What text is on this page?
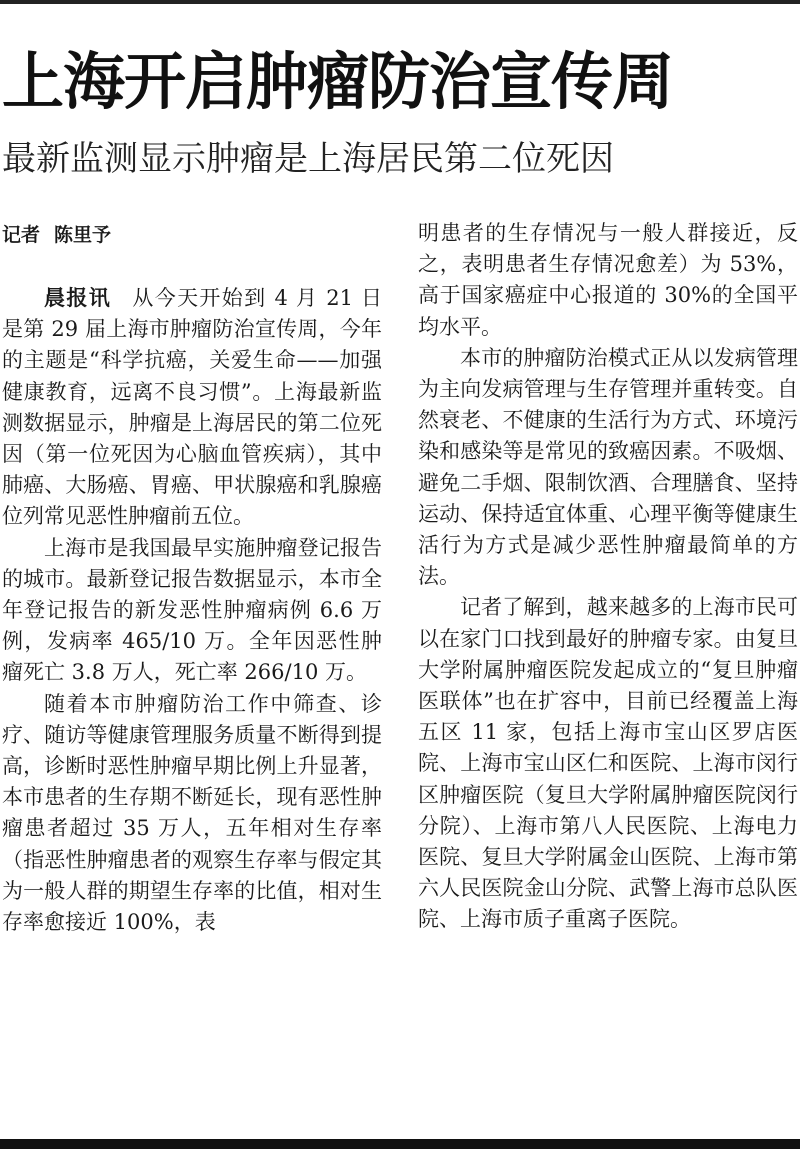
上海开启肿瘤防治宣传周
最新监测显示肿瘤是上海居民第二位死因

记者 陈里予

晨报讯 从今天开始到 4 月 21 日是第 29 届上海市肿瘤防治宣传周，今年的主题是“科学抗癌，关爱生命——加强健康教育，远离不良习惯”。上海最新监测数据显示，肿瘤是上海居民的第二位死因（第一位死因为心脑血管疾病），其中肺癌、大肠癌、胃癌、甲状腺癌和乳腺癌位列常见恶性肿瘤前五位。

上海市是我国最早实施肿瘤登记报告的城市。最新登记报告数据显示，本市全年登记报告的新发恶性肿瘤病例 6.6 万例，发病率 465/10 万。全年因恶性肿瘤死亡 3.8 万人，死亡率 266/10 万。

随着本市肿瘤防治工作中筛查、诊疗、随访等健康管理服务质量不断得到提高，诊断时恶性肿瘤早期比例上升显著，本市患者的生存期不断延长，现有恶性肿瘤患者超过 35 万人，五年相对生存率（指恶性肿瘤患者的观察生存率与假定其为一般人群的期望生存率的比值，相对生存率愈接近 100%，表

明患者的生存情况与一般人群接近，反之，表明患者生存情况愈差）为 53%，高于国家癌症中心报道的 30%的全国平均水平。

本市的肿瘤防治模式正从以发病管理为主向发病管理与生存管理并重转变。自然衰老、不健康的生活行为方式、环境污染和感染等是常见的致癌因素。不吸烟、避免二手烟、限制饮酒、合理膳食、坚持运动、保持适宜体重、心理平衡等健康生活行为方式是减少恶性肿瘤最简单的方法。

记者了解到，越来越多的上海市民可以在家门口找到最好的肿瘤专家。由复旦大学附属肿瘤医院发起成立的“复旦肿瘤医联体”也在扩容中，目前已经覆盖上海五区 11 家，包括上海市宝山区罗店医院、上海市宝山区仁和医院、上海市闵行区肿瘤医院（复旦大学附属肿瘤医院闵行分院）、上海市第八人民医院、上海电力医院、复旦大学附属金山医院、上海市第六人民医院金山分院、武警上海市总队医院、上海市质子重离子医院。
